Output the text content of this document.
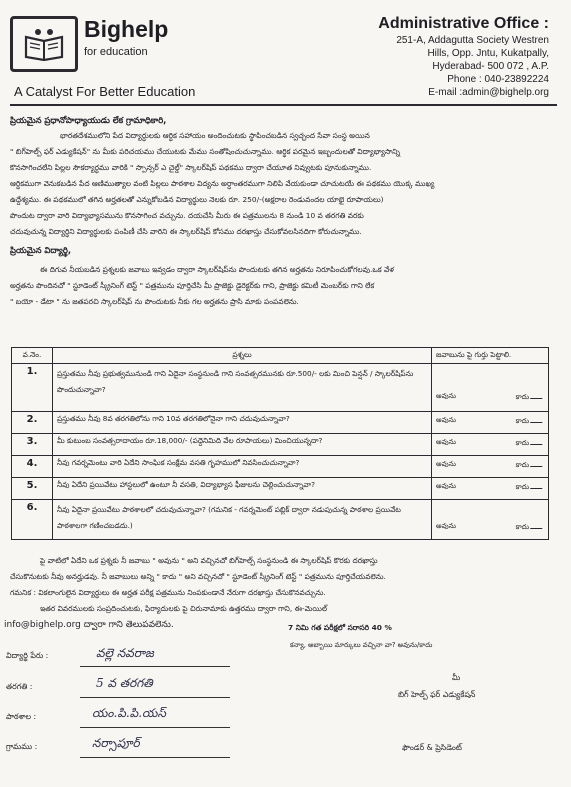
Bighelp
for education
A Catalyst For Better Education
Administrative Office :
251-A, Addagutta Society Westren
Hills, Opp. Jntu, Kukatpally,
Hyderabad- 500 072 , A.P.
Phone : 040-23892224
E-mail :admin@bighelp.org
ప్రియమైన ప్రధానోపాధ్యాయుడు లేక గ్రామాధికారి,
భారతదేశములోని పేద విద్యార్థులకు ఆర్థిక సహాయం అందించుటకు స్థాపించబడిన స్వచ్ఛంద సేవా సంస్థ అయిన
" బిగ్‌హెల్ప్ ఫర్ ఎడ్యుకేషన్" ను మీకు పరిచయము చేయుటకు మేము సంతోషించుచున్నాము. ఆర్థిక పరమైన ఇబ్బందులతో విద్యాభ్యాసాన్ని
కొనసాగించలేని పిల్లల సౌకర్యార్థము వారికి " స్పాన్సర్ ఎ చైల్డ్" స్కాలర్‌షిప్ పథకము ద్వారా చేయూత నివ్వుటకు పూనుకున్నాము.
ఆర్థికముగా వెనుకబడిన పేద ఆణిముత్యాల వంటి పిల్లలు పాఠశాల విద్యను అర్ధాంతరముగా నిలిపి వేయకుండా చూచుటయే ఈ పథకము యొక్క ముఖ్య
ఉద్దేశ్యము. ఈ పథకములో తగిన అర్హతలతో ఎన్నుకోబడిన విద్యార్థులు నెలకు రూ. 250/-(అక్షరాల రెండువందల యాభై రూపాయలు)
పొందుట ద్వారా వారి విద్యాభ్యాసమును కొనసాగించ వచ్చును. దయచేసి మీరు ఈ పత్రములను 8 నుండి 10 వ తరగతి వరకు
చదువుచున్న విద్యార్థిని విద్యార్థులకు పంపిణీ చేసి వారిని ఈ స్కాలర్‌షిప్ కోసము దరఖాస్తు చేసుకోవలసినదిగా కోరుచున్నాము.
ప్రియమైన విద్యార్థి,
ఈ దిగువ నీయబడిన ప్రశ్నలకు జవాబు ఇవ్వడం ద్వారా స్కాలర్‌షిప్‌ను పొందుటకు తగిన అర్హతను నిరూపించుకోగలవు.ఒక వేళ
అర్హతను పొందినచో " స్టూడెంట్ స్క్రీనింగ్ టెస్ట్ " పత్రమును పూర్తిచేసి మీ ప్రాజెక్టు డైరెక్టర్‌కు గాని, ప్రాజెక్టు కమిటీ మెంబర్‌కు గాని లేక
" బయో - డేటా " ను జతపరచి స్కాలర్‌షిప్ ను పొందుటకు నీకు గల అర్హతను ప్రాసి మాకు పంపవలెను.
వ.నెం.	ప్రశ్నలు	జవాబును పై గుర్తు పెట్టాలి.
1.	ప్రస్తుతము నీవు ప్రభుత్వమునుండి గాని ఏదైనా సంస్థనుండి గాని సంవత్సరమునకు రూ.500/- లకు మించి పెన్షన్ / స్కాలర్‌షిప్‌ను పొందుచున్నావా?	అవును కాదు

2.	ప్రస్తుతము నీవు 8వ తరగతిలోను గాని 10వ తరగతిలోనైనా గాని చదువుచున్నావా?	అవును కాదు

3.	మీ కుటుంబ సంవత్సరాదాయం రూ.18,000/- (పద్దెనిమిది వేల రూపాయలు) మించియున్నదా?	అవును కాదు

4.	నీవు గవర్నమెంటు వారి ఏదేని సాంఘిక సంక్షేమ వసతి గృహములో నివసించుచున్నావా?	అవును కాదు

5.	నీవు ఏదేని ప్రయివేటు హాస్టలులో ఉంటూ నీ వసతి, విద్యాభ్యాస ఫీజులను చెల్లించుచున్నావా?	అవును కాదు

6.	నీవు ఏదైనా ప్రయివేటు పాఠశాలలో చదువుచున్నావా? (గమనిక - గవర్నమెంట్ పబ్లిక్ ద్వారా నడుపుచున్న పాఠశాల ప్రయివేట పాఠశాలగా గణించబడదు.)	అవును కాదు
పై వాటిలో ఏదేని ఒక ప్రశ్నకు నీ జవాబు " అవును " అని వచ్చినచో బిగ్‌హెల్ప్ సంస్థనుండి ఈ స్కాలర్‌షిప్ కొరకు దరఖాస్తు
చేసుకొనుటకు నీవు అనర్హుడవు. నీ జవాబులు అన్ని " కాదు " అని వచ్చినచో " స్టూడెంట్ స్క్రీనింగ్ టెస్ట్ " పత్రమును పూర్తిచేయవలెను.
గమనిక : వికలాంగులైన విద్యార్థులు ఈ అర్హత పరీక్ష పత్రమును నింపకుండానే నేరుగా దరఖాస్తు చేసుకొనవచ్చును.
ఇతర వివరములకు సంప్రదించుటకు, ఫిర్యాదులకు పై చిరునామాకు ఉత్తరము ద్వారా గాని, ఈ-మెయిల్
info@bighelp.org ద్వారా గాని తెలుపవలెను.	7 నిమి గత పరీక్షలో సరాసరి 40 %
కన్యా, అబ్బాయి మార్కులు వచ్చినా వా? అవును/కాదు
విద్యార్థి పేరు :	వల్లె నవరాజ
తరగతి :	5 వ తరగతి
పాఠశాల :	యం.పి.పి.యస్
గ్రామము :	నర్సాపూర్
మీ
బిగ్ హెల్ప్ ఫర్ ఎడ్యుకేషన్
ఫౌండర్ & ప్రెసిడెంట్
